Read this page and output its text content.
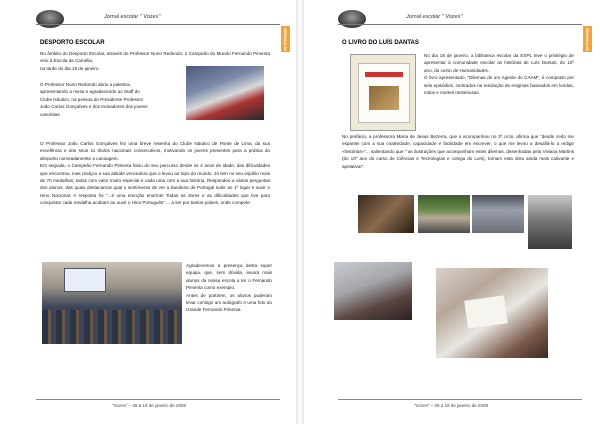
Jornal escolar " Vozes"
SEMANA 08
DESPORTO ESCOLAR

No âmbito do Desporto Escolar, através do Professor Nuno Redondo, o Campeão do Mundo Fernando Pimenta veio à Escola da Camélia,

na tarde do dia 18 de janeiro.

O Professor Nuno Redondo abriu a palestra,

apresentando a mesa e agradecendo ao Staff do

Clube Náutico, na pessoa do Presidente Professor

João Carlos Gonçalves e dos treinadores dos jovens

canoístas.

O Professor João Carlos Gonçalves fez uma breve resenha do Clube Náutico de Ponte de Lima, da sua excelência e dos seus 11 títulos nacionais consecutivos, motivando os jovens presentes para a prática do desporto nomeadamente a canoagem.

Em seguida, o Campeão Fernando Pimenta falou do seu percurso desde os 4 anos de idade, das dificuldades que encontrou, mas realçou a sua atitude vencedora que o levou ao topo do mundo. Já tem no seu espólio mais de 70 medalhas, todas com valor muito especial e cada uma com a sua história. Respondeu a várias perguntas dos alunos, das quais destacamos qual o sentimento de ver a bandeira de Portugal subir ao 1º lugar e ouvir o Hino Nacional. A resposta foi "...é uma emoção enorme! Todas as dores e as dificuldades que tive para conquistar cada medalha acabam ao ouvir o Hino Português".... a ser por tantos países, onde compete.

Agradecemos a presença desta super equipa, que, sem dúvida, levará mais alunos da nossa escola a ter o Fernando Pimenta como exemplo.

Antes de partirem, os alunos puderam levar consigo um autógrafo e uma foto do Grande Fernando Pimenta.

"Vozes" – 08 a 19 de janeiro de 2008
Jornal escolar " Vozes"
SEMANA 08
O LIVRO DO LUÍS DANTAS

No dia 18 de janeiro, a biblioteca escolar da ESPL teve o privilégio de apresentar à comunidade escolar as histórias de Luís Dantas, do 10º ano, do curso de Humanidades.

O livro apresentado, "Dilemas de um Agente do CAAM", é composto por seis episódios, centrados na resolução de enigmas baseados em lendas, mitos e mortes misteriosas.

No prefácio, a professora Maria de Jesus Bezerra, que o acompanhou no 3º ciclo, afirma que "desde cedo me espantei com a sua criatividade, capacidade e facilidade em escrever, o que me levou a desafiá-lo a redigir «histórias»"... salientando que " as ilustrações que acompanham estes dilemas, desenhadas pela Viviana Martins (do 10º ano do curso de Ciências e Tecnologias e colega do Luís), tornam esta obra ainda mais cativante e apelativa!".

"Vozes" – 08 a 19 de janeiro de 2008
